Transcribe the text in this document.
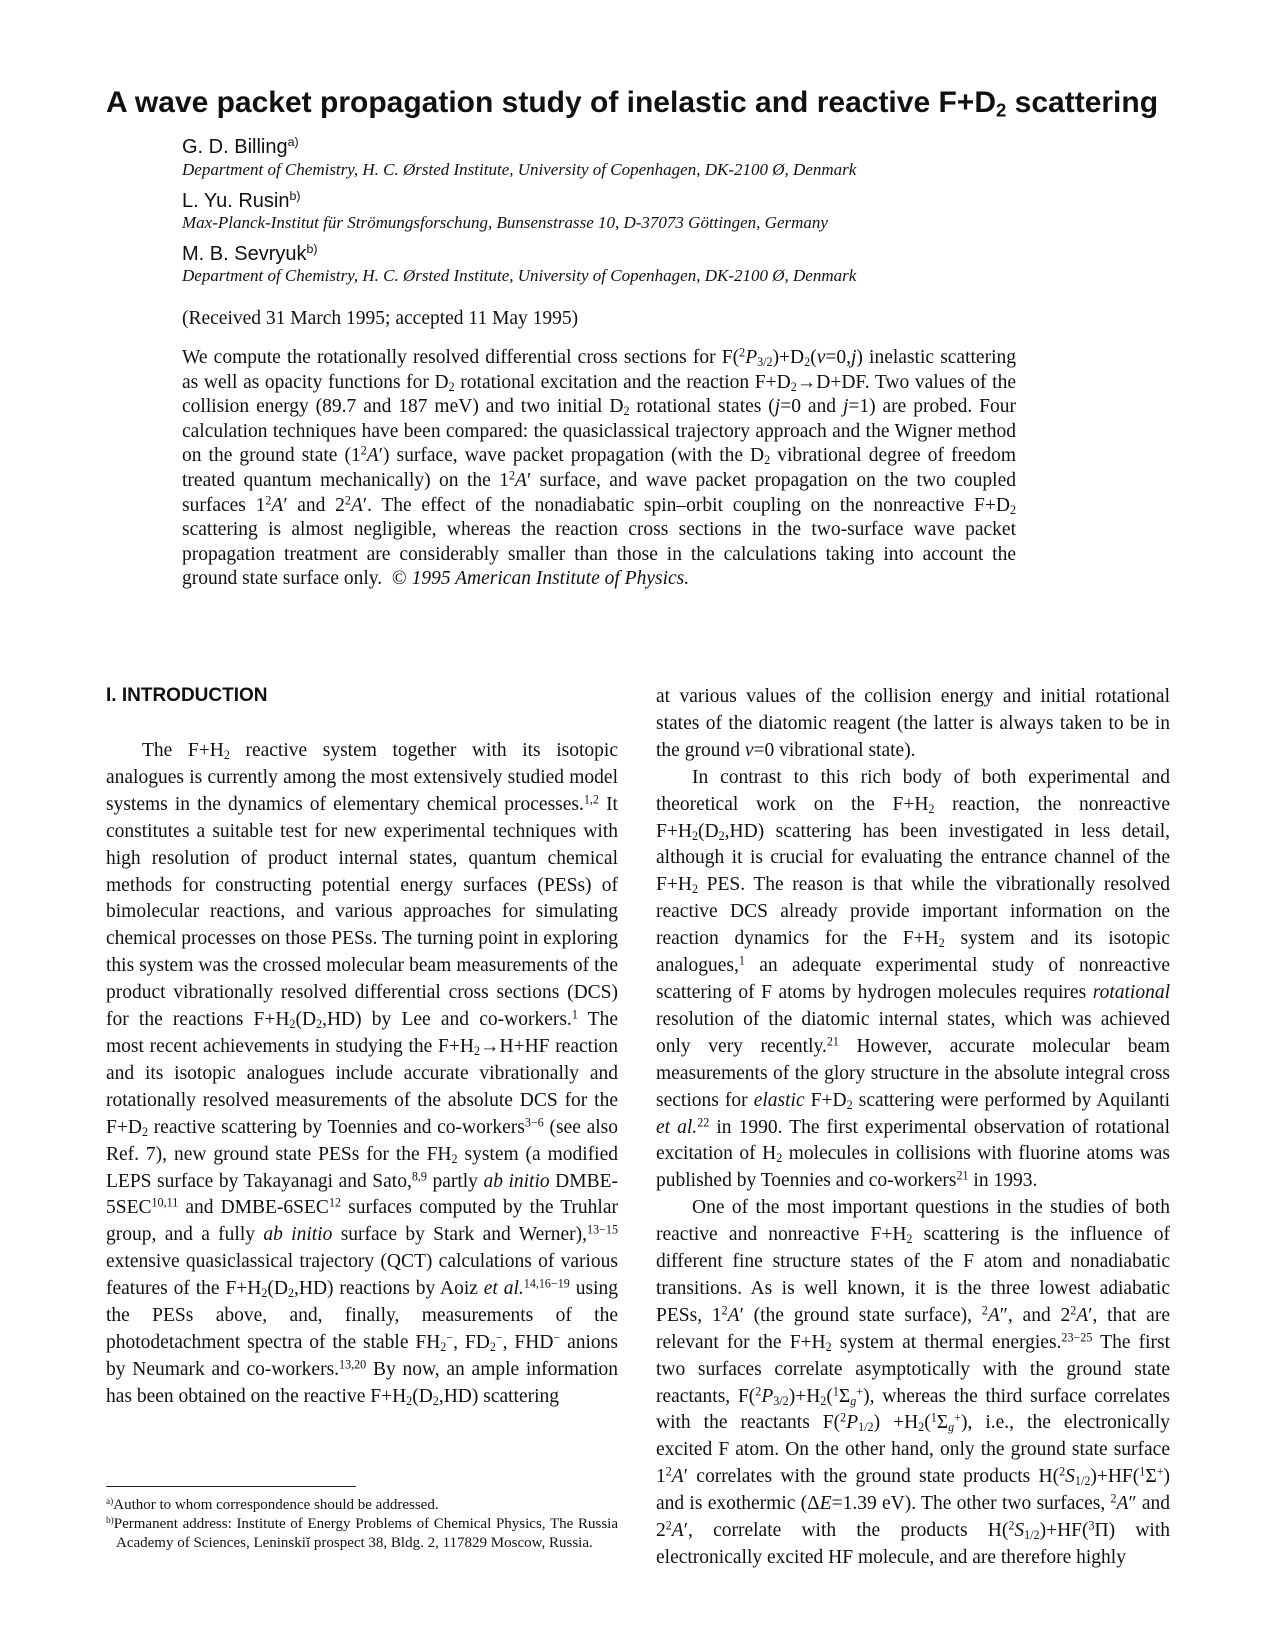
A wave packet propagation study of inelastic and reactive $F+D_2$ scattering

G. D. Billing$^{a)}$

Department of Chemistry, H. C. Ørsted Institute, University of Copenhagen, DK-2100 Ø, Denmark

L. Yu. Rusin$^{b)}$

Max-Planck-Institut für Strömungsforschung, Bunsenstrasse 10, D-37073 Göttingen, Germany

M. B. Sevryuk$^{b)}$

Department of Chemistry, H. C. Ørsted Institute, University of Copenhagen, DK-2100 Ø, Denmark

(Received 31 March 1995; accepted 11 May 1995)

We compute the rotationally resolved differential cross sections for $F(^2P_{3/2})+D_2(v=0,j)$ inelastic scattering as well as opacity functions for $D_2$ rotational excitation and the reaction $F+D_2\to D+DF$. Two values of the collision energy (89.7 and 187 meV) and two initial $D_2$ rotational states (j=0 and j=1) are probed. Four calculation techniques have been compared: the quasiclassical trajectory approach and the Wigner method on the ground state $(1^2A')$ surface, wave packet propagation (with the $D_2$ vibrational degree of freedom treated quantum mechanically) on the $1^2A'$ surface, and wave packet propagation on the two coupled surfaces $1^2A'$ and $2^2A'$. The effect of the nonadiabatic spin–orbit coupling on the nonreactive $F+D_2$ scattering is almost negligible, whereas the reaction cross sections in the two-surface wave packet propagation treatment are considerably smaller than those in the calculations taking into account the ground state surface only.  © 1995 American Institute of Physics.

I. INTRODUCTION

The $F+H_2$ reactive system together with its isotopic analogues is currently among the most extensively studied model systems in the dynamics of elementary chemical processes.$^{1,2}$ It constitutes a suitable test for new experimental techniques with high resolution of product internal states, quantum chemical methods for constructing potential energy surfaces (PESs) of bimolecular reactions, and various approaches for simulating chemical processes on those PESs. The turning point in exploring this system was the crossed molecular beam measurements of the product vibrationally resolved differential cross sections (DCS) for the reactions $F+H_2(D_2,HD)$ by Lee and co-workers.$^1$ The most recent achievements in studying the $F+H_2\to H+HF$ reaction and its isotopic analogues include accurate vibrationally and rotationally resolved measurements of the absolute DCS for the $F+D_2$ reactive scattering by Toennies and co-workers$^{3-6}$ (see also Ref. 7), new ground state PESs for the $FH_2$ system (a modified LEPS surface by Takayanagi and Sato,$^{8,9}$ partly ab initio DMBE-5SEC$^{10,11}$ and DMBE-6SEC$^{12}$ surfaces computed by the Truhlar group, and a fully ab initio surface by Stark and Werner),$^{13-15}$ extensive quasiclassical trajectory (QCT) calculations of various features of the $F+H_2(D_2,HD)$ reactions by Aoiz et al.$^{14,16-19}$ using the PESs above, and, finally, measurements of the photodetachment spectra of the stable $FH_2^-$, $FD_2^-$, FHD− anions by Neumark and co-workers.$^{13,20}$ By now, an ample information has been obtained on the reactive $F+H_2(D_2,HD)$ scattering

at various values of the collision energy and initial rotational states of the diatomic reagent (the latter is always taken to be in the ground v=0 vibrational state).

In contrast to this rich body of both experimental and theoretical work on the $F+H_2$ reaction, the nonreactive $F+H_2(D_2,HD)$ scattering has been investigated in less detail, although it is crucial for evaluating the entrance channel of the $F+H_2$ PES. The reason is that while the vibrationally resolved reactive DCS already provide important information on the reaction dynamics for the $F+H_2$ system and its isotopic analogues,$^1$ an adequate experimental study of nonreactive scattering of F atoms by hydrogen molecules requires rotational resolution of the diatomic internal states, which was achieved only very recently.$^{21}$ However, accurate molecular beam measurements of the glory structure in the absolute integral cross sections for elastic $F+D_2$ scattering were performed by Aquilanti et al.$^{22}$ in 1990. The first experimental observation of rotational excitation of $H_2$ molecules in collisions with fluorine atoms was published by Toennies and co-workers$^{21}$ in 1993.

One of the most important questions in the studies of both reactive and nonreactive $F+H_2$ scattering is the influence of different fine structure states of the F atom and nonadiabatic transitions. As is well known, it is the three lowest adiabatic PESs, $1^2A'$ (the ground state surface), $^2$A″, and $2^2A'$, that are relevant for the $F+H_2$ system at thermal energies.$^{23-25}$ The first two surfaces correlate asymptotically with the ground state reactants, $F(^2P_{3/2})+H_2(^1\Sigma_g^+)$, whereas the third surface correlates with the reactants $F(^2P_{1/2}) +H_2(^1\Sigma_g^+)$, i.e., the electronically excited F atom. On the other hand, only the ground state surface $1^2A'$ correlates with the ground state products $H(^2S_{1/2})+HF(^1\Sigma^+)$ and is exothermic (ΔE=1.39 eV). The other two surfaces, $^2$A″ and $2^2A'$, correlate with the products $H(^2S_{1/2})+HF(^3\Pi)$ with electronically excited HF molecule, and are therefore highly

$^{a)}$Author to whom correspondence should be addressed.

$^{b)}$Permanent address: Institute of Energy Problems of Chemical Physics, The Russia Academy of Sciences, Leninskiĭ prospect 38, Bldg. 2, 117829 Moscow, Russia.
